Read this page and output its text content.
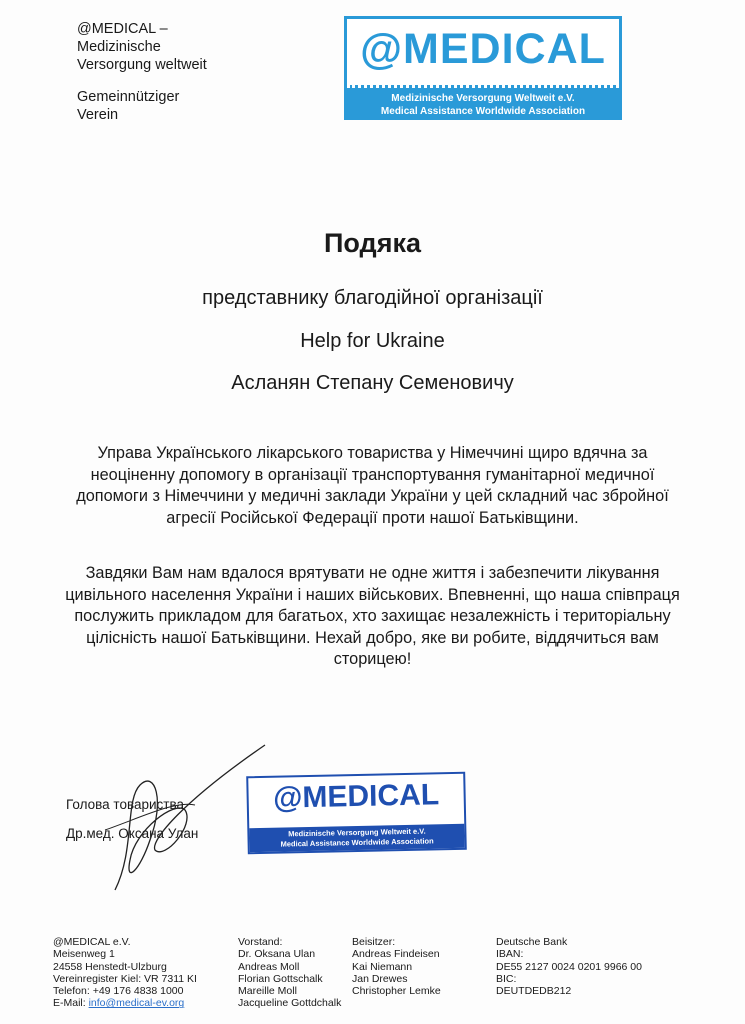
@MEDICAL –
Medizinische
Versorgung weltweit
Gemeinnütziger
Verein
@MEDICAL
Medizinische Versorgung Weltweit e.V.
Medical Assistance Worldwide Association
Подяка
представнику благодійної організації
Help for Ukraine
Асланян Степану Семеновичу
Управа Українського лікарського товариства у Німеччині щиро вдячна за неоціненну допомогу в організації транспортування гуманітарної медичної допомоги з Німеччини у медичні заклади України у цей складний час збройної агресії Російської Федерації проти нашої Батьківщини.
Завдяки Вам нам вдалося врятувати не одне життя і забезпечити лікування цивільного населення України і наших військових. Впевненні, що наша співпраця послужить прикладом для багатьох, хто захищає незалежність і територіальну цілісність нашої Батьківщини. Нехай добро, яке ви робите, віддячиться вам сторицею!
Голова товариства
Др.мед. Оксана Улан
@MEDICAL
Medizinische Versorgung Weltweit e.V.
Medical Assistance Worldwide Association
@MEDICAL e.V.
Meisenweg 1
24558 Henstedt-Ulzburg
Vereinregister Kiel: VR 7311 KI
Telefon: +49 176 4838 1000
E-Mail: info@medical-ev.org
Vorstand:
Dr. Oksana Ulan
Andreas Moll
Florian Gottschalk
Mareille Moll
Jacqueline Gottdchalk
Beisitzer:
Andreas Findeisen
Kai Niemann
Jan Drewes
Christopher Lemke
Deutsche Bank
IBAN:
DE55 2127 0024 0201 9966 00
BIC:
DEUTDEDB212
